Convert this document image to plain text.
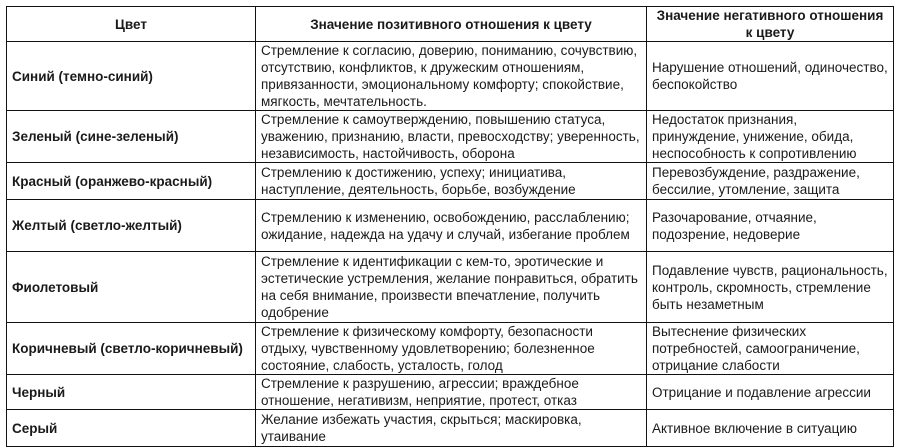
Цвет	Значение позитивного отношения к цвету	Значение негативного отношения к цвету
Синий (темно-синий)	Стремление к согласию, доверию, пониманию, сочувствию, отсутствию, конфликтов, к дружеским отношениям, привязанности, эмоциональному комфорту; спокойствие, мягкость, мечтательность.	Нарушение отношений, одиночество, беспокойство
Зеленый (сине-зеленый)	Стремление к самоутверждению, повышению статуса, уважению, признанию, власти, превосходству; уверенность, независимость, настойчивость, оборона	Недостаток признания, принуждение, унижение, обида, неспособность к сопротивлению
Красный (оранжево-красный)	Стремлению к достижению, успеху; инициатива, наступление, деятельность, борьбе, возбуждение	Перевозбуждение, раздражение, бессилие, утомление, защита
Желтый (светло-желтый)	Стремлению к изменению, освобождению, расслаблению; ожидание, надежда на удачу и случай, избегание проблем	Разочарование, отчаяние, подозрение, недоверие
Фиолетовый	Стремление к идентификации с кем-то, эротические и эстетические устремления, желание понравиться, обратить на себя внимание, произвести впечатление, получить одобрение	Подавление чувств, рациональность, контроль, скромность, стремление быть незаметным
Коричневый (светло-коричневый)	Стремление к физическому комфорту, безопасности отдыху, чувственному удовлетворению; болезненное состояние, слабость, усталость, голод	Вытеснение физических потребностей, самоограничение, отрицание слабости
Черный	Стремление к разрушению, агрессии; враждебное отношение, негативизм, неприятие, протест, отказ	Отрицание и подавление агрессии
Серый	Желание избежать участия, скрыться; маскировка, утаивание	Активное включение в ситуацию
